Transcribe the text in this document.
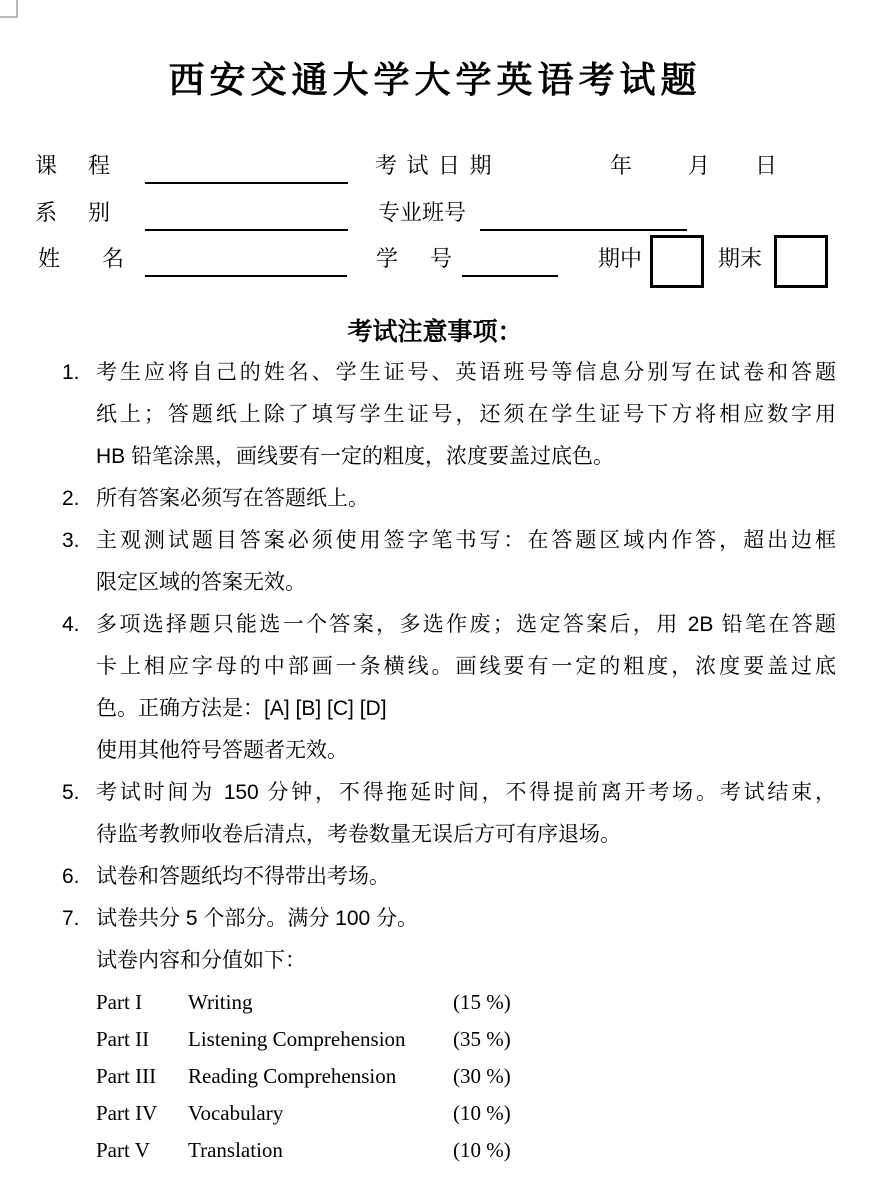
西安交通大学大学英语考试题
课 程	考 试 日 期	年	月 日
系 别	专业班号
姓 名	学 号	期中	期末
考试注意事项：
1. 考生应将自己的姓名、学生证号、英语班号等信息分别写在试卷和答题
纸上；答题纸上除了填写学生证号，还须在学生证号下方将相应数字用
HB 铅笔涂黑，画线要有一定的粗度，浓度要盖过底色。
2. 所有答案必须写在答题纸上。
3. 主观测试题目答案必须使用签字笔书写：在答题区域内作答，超出边框
限定区域的答案无效。
4. 多项选择题只能选一个答案，多选作废；选定答案后，用 2B 铅笔在答题
卡上相应字母的中部画一条横线。画线要有一定的粗度，浓度要盖过底
色。正确方法是：[A] [B] [C] [D]
使用其他符号答题者无效。
5. 考试时间为 150 分钟，不得拖延时间，不得提前离开考场。考试结束，
待监考教师收卷后清点，考卷数量无误后方可有序退场。
6. 试卷和答题纸均不得带出考场。
7. 试卷共分 5 个部分。满分 100 分。
试卷内容和分值如下：
Part I	Writing	(15 %)
Part II	Listening Comprehension	(35 %)
Part III	Reading Comprehension	(30 %)
Part IV	Vocabulary	(10 %)
Part V	Translation	(10 %)
